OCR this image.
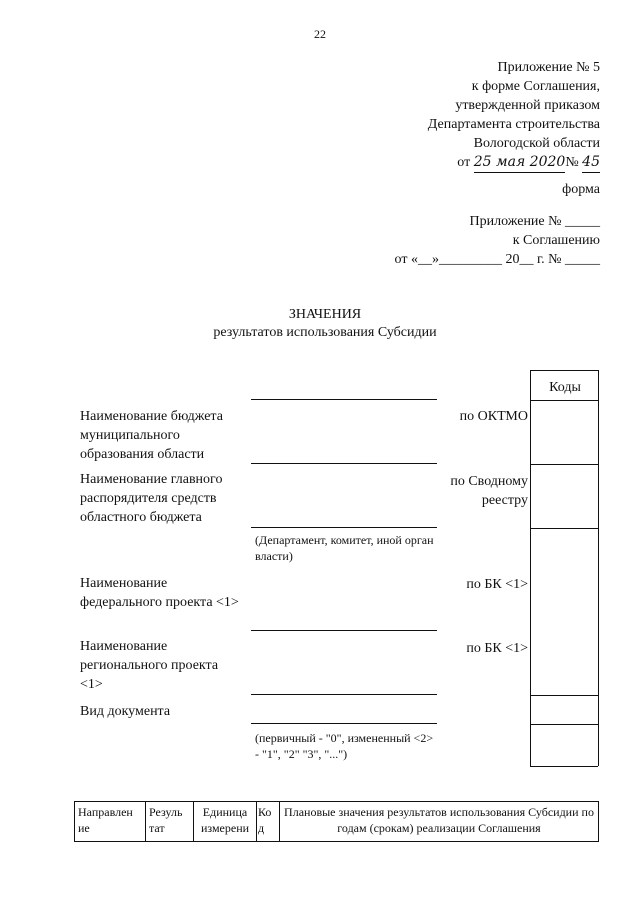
22
Приложение № 5
к форме Соглашения,
утвержденной приказом
Департамента строительства
Вологодской области
от 25 мая 2020№ 45
форма
Приложение № _____
к Соглашению
от «__»_________ 20__ г. № _____
ЗНАЧЕНИЯ
результатов использования Субсидии
Наименование бюджета муниципального образования области
Наименование главного распорядителя средств областного бюджета
Наименование федерального проекта <1>
Наименование регионального проекта <1>
Вид документа
(Департамент, комитет, иной орган власти)
(первичный - "0", измененный <2> - "1", "2" "3", "...")
по ОКТМО
по Сводному реестру
по БК <1>
по БК <1>
Коды
Направлен ие
Резуль тат
Единица измерени
Ко д
Плановые значения результатов использования Субсидии по годам (срокам) реализации Соглашения
